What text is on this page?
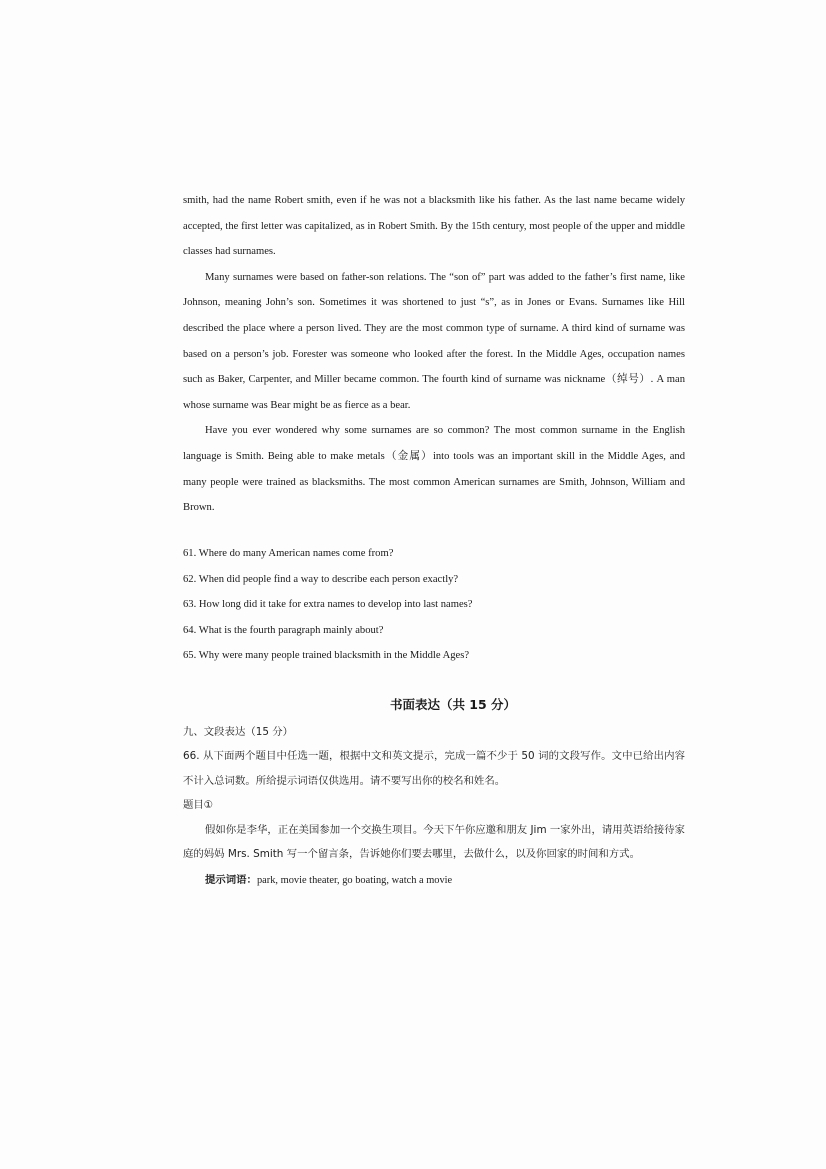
smith, had the name Robert smith, even if he was not a blacksmith like his father. As the last name became widely accepted, the first letter was capitalized, as in Robert Smith. By the 15th century, most people of the upper and middle classes had surnames.

Many surnames were based on father-son relations. The “son of” part was added to the father’s first name, like Johnson, meaning John’s son. Sometimes it was shortened to just “s”, as in Jones or Evans. Surnames like Hill described the place where a person lived. They are the most common type of surname. A third kind of surname was based on a person’s job. Forester was someone who looked after the forest. In the Middle Ages, occupation names such as Baker, Carpenter, and Miller became common. The fourth kind of surname was nickname（绰号）. A man whose surname was Bear might be as fierce as a bear.

Have you ever wondered why some surnames are so common? The most common surname in the English language is Smith. Being able to make metals（金属）into tools was an important skill in the Middle Ages, and many people were trained as blacksmiths. The most common American surnames are Smith, Johnson, William and Brown.

61. Where do many American names come from?
62. When did people find a way to describe each person exactly?
63. How long did it take for extra names to develop into last names?
64. What is the fourth paragraph mainly about?
65. Why were many people trained blacksmith in the Middle Ages?
书面表达（共 15 分）
九、文段表达（15 分）
66. 从下面两个题目中任选一题，根据中文和英文提示，完成一篇不少于 50 词的文段写作。文中已给出内容不计入总词数。所给提示词语仅供选用。请不要写出你的校名和姓名。
题目①
假如你是李华，正在美国参加一个交换生项目。今天下午你应邀和朋友 Jim 一家外出，请用英语给接待家庭的妈妈 Mrs. Smith 写一个留言条，告诉她你们要去哪里，去做什么，以及你回家的时间和方式。
提示词语：park, movie theater, go boating, watch a movie
